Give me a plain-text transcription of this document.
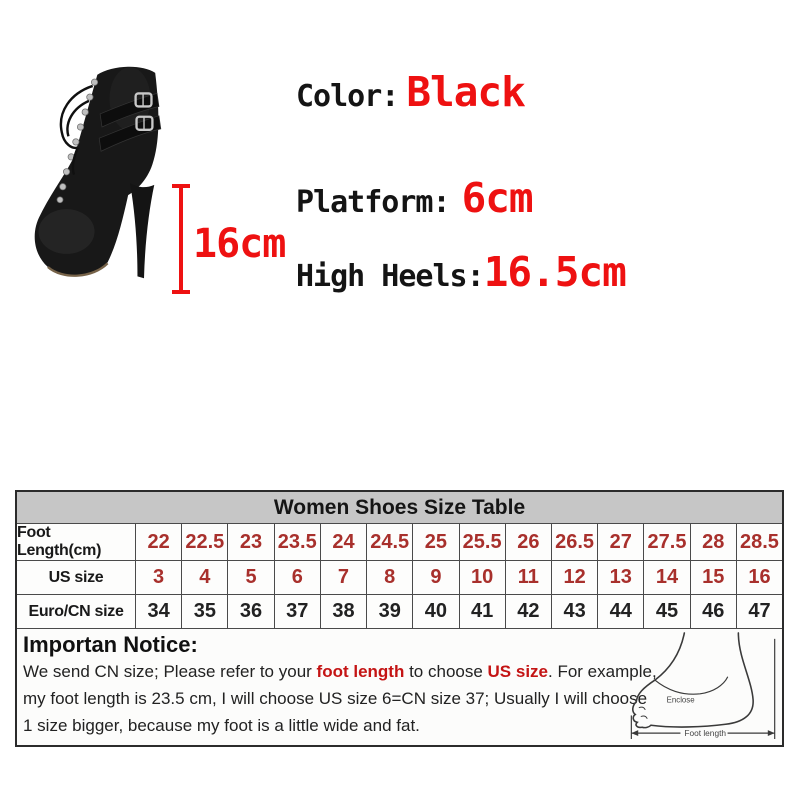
16cm
Color: Black
Platform: 6cm
High Heels: 16.5cm
Women Shoes Size Table
Foot Length(cm)	22 22.5 23 23.5 24 24.5 25 25.5 26 26.5 27 27.5 28 28.5
US size	3	4	5	6	7	8	9	10	11	12	13	14	15	16
Euro/CN size	34	35	36	37	38	39	40	41	42	43	44	45	46	47
Importan Notice:
We send CN size; Please refer to your foot length to choose US size. For example,
my foot length is 23.5 cm, I will choose US size 6=CN size 37; Usually I will choose
1 size bigger, because my foot is a little wide and fat.
Enclose
Foot length
